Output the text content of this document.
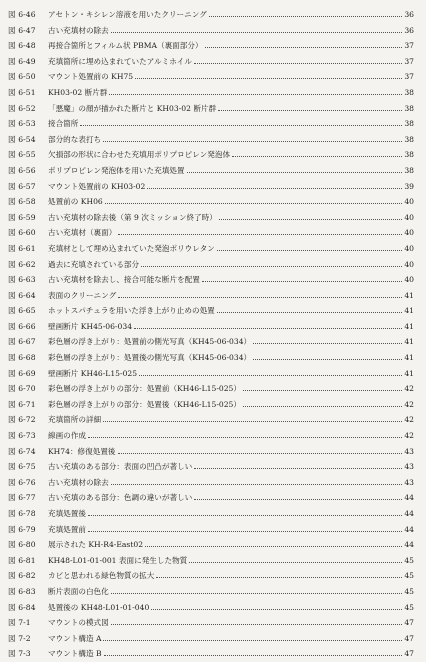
図 6-46	アセトン・キシレン溶液を用いたクリーニング	36
図 6-47	古い充填材の除去	36
図 6-48	再接合箇所とフィルム状 PBMA（裏面部分）	37
図 6-49	充填箇所に埋め込まれていたアルミホイル	37
図 6-50	マウント処置前の KH75	37
図 6-51	KH03-02 断片群	38
図 6-52	「悪魔」の顔が描かれた断片と KH03-02 断片群	38
図 6-53	接合箇所	38
図 6-54	部分的な表打ち	38
図 6-55	欠損部の形状に合わせた充填用ポリプロピレン発泡体	38
図 6-56	ポリプロピレン発泡体を用いた充填処置	38
図 6-57	マウント処置前の KH03-02	39
図 6-58	処置前の KH06	40
図 6-59	古い充填材の除去後（第 9 次ミッション終了時）	40
図 6-60	古い充填材（裏面）	40
図 6-61	充填材として埋め込まれていた発泡ポリウレタン	40
図 6-62	過去に充填されている部分	40
図 6-63	古い充填材を除去し、接合可能な断片を配置	40
図 6-64	表面のクリーニング	41
図 6-65	ホットスパチュラを用いた浮き上がり止めの処置	41
図 6-66	壁画断片 KH45-06-034	41
図 6-67	彩色層の浮き上がり：処置前の側光写真（KH45-06-034）	41
図 6-68	彩色層の浮き上がり：処置後の側光写真（KH45-06-034）	41
図 6-69	壁画断片 KH46-L15-025	41
図 6-70	彩色層の浮き上がりの部分：処置前（KH46-L15-025）	42
図 6-71	彩色層の浮き上がりの部分：処置後（KH46-L15-025）	42
図 6-72	充填箇所の詳細	42
図 6-73	線画の作成	42
図 6-74	KH74：修復処置後	43
図 6-75	古い充填のある部分：表面の凹凸が著しい	43
図 6-76	古い充填材の除去	43
図 6-77	古い充填のある部分：色調の違いが著しい	44
図 6-78	充填処置後	44
図 6-79	充填処置前	44
図 6-80	展示された KH-R4-East02	44
図 6-81	KH48-L01-01-001 表面に発生した物質	45
図 6-82	カビと思われる緑色物質の拡大	45
図 6-83	断片表面の白色化	45
図 6-84	処置後の KH48-L01-01-040	45
図 7-1	マウントの模式図	47
図 7-2	マウント構造 A	47
図 7-3	マウント構造 B	47
